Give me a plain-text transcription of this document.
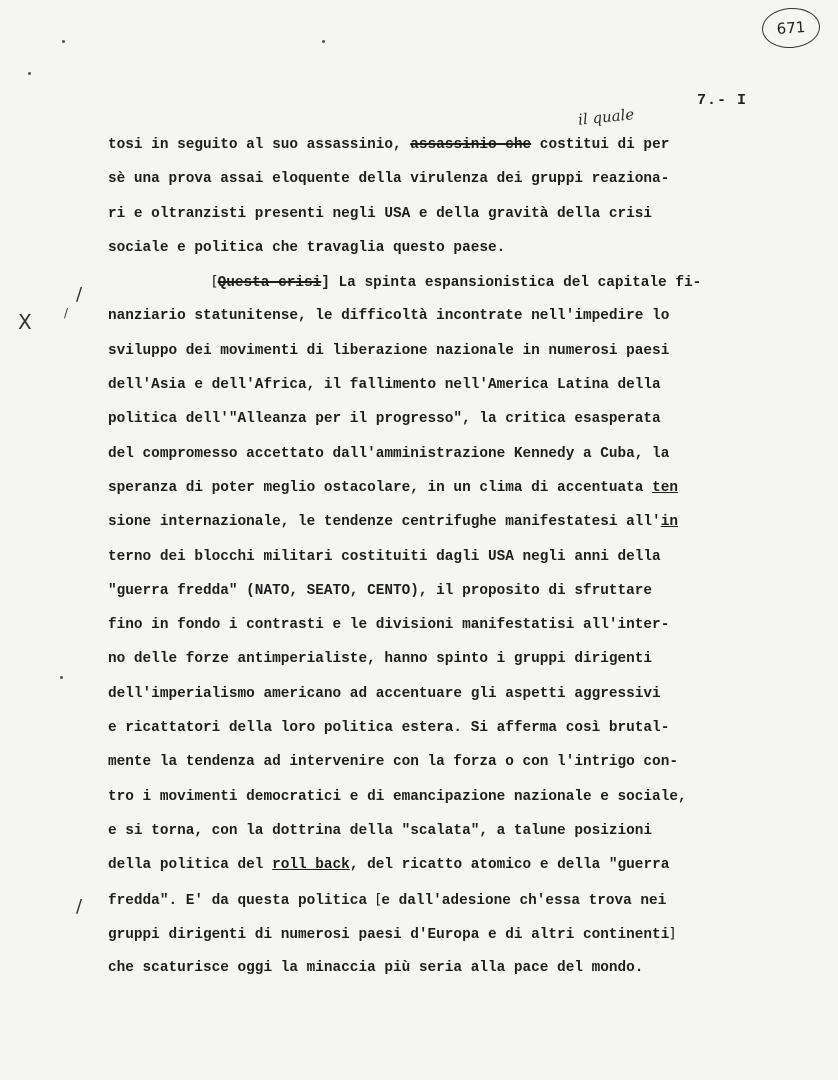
671
7.- I
il quale
X
/
/
/
tosi in seguito al suo assassinio, assassinio che costitui di per
sè una prova assai eloquente della virulenza dei gruppi reaziona-
ri e oltranzisti presenti negli USA e della gravità della crisi
sociale e politica che travaglia questo paese.
[Questa crisi] La spinta espansionistica del capitale fi-
nanziario statunitense, le difficoltà incontrate nell'impedire lo
sviluppo dei movimenti di liberazione nazionale in numerosi paesi
dell'Asia e dell'Africa, il fallimento nell'America Latina della
politica dell'"Alleanza per il progresso", la critica esasperata
del compromesso accettato dall'amministrazione Kennedy a Cuba, la
speranza di poter meglio ostacolare, in un clima di accentuata ten
sione internazionale, le tendenze centrifughe manifestatesi all'in
terno dei blocchi militari costituiti dagli USA negli anni della
"guerra fredda" (NATO, SEATO, CENTO), il proposito di sfruttare
fino in fondo i contrasti e le divisioni manifestatisi all'inter-
no delle forze antimperialiste, hanno spinto i gruppi dirigenti
dell'imperialismo americano ad accentuare gli aspetti aggressivi
e ricattatori della loro politica estera. Si afferma così brutal-
mente la tendenza ad intervenire con la forza o con l'intrigo con-
tro i movimenti democratici e di emancipazione nazionale e sociale,
e si torna, con la dottrina della "scalata", a talune posizioni
della politica del roll back, del ricatto atomico e della "guerra
fredda". E' da questa politica [e dall'adesione ch'essa trova nei
gruppi dirigenti di numerosi paesi d'Europa e di altri continenti]
che scaturisce oggi la minaccia più seria alla pace del mondo.
